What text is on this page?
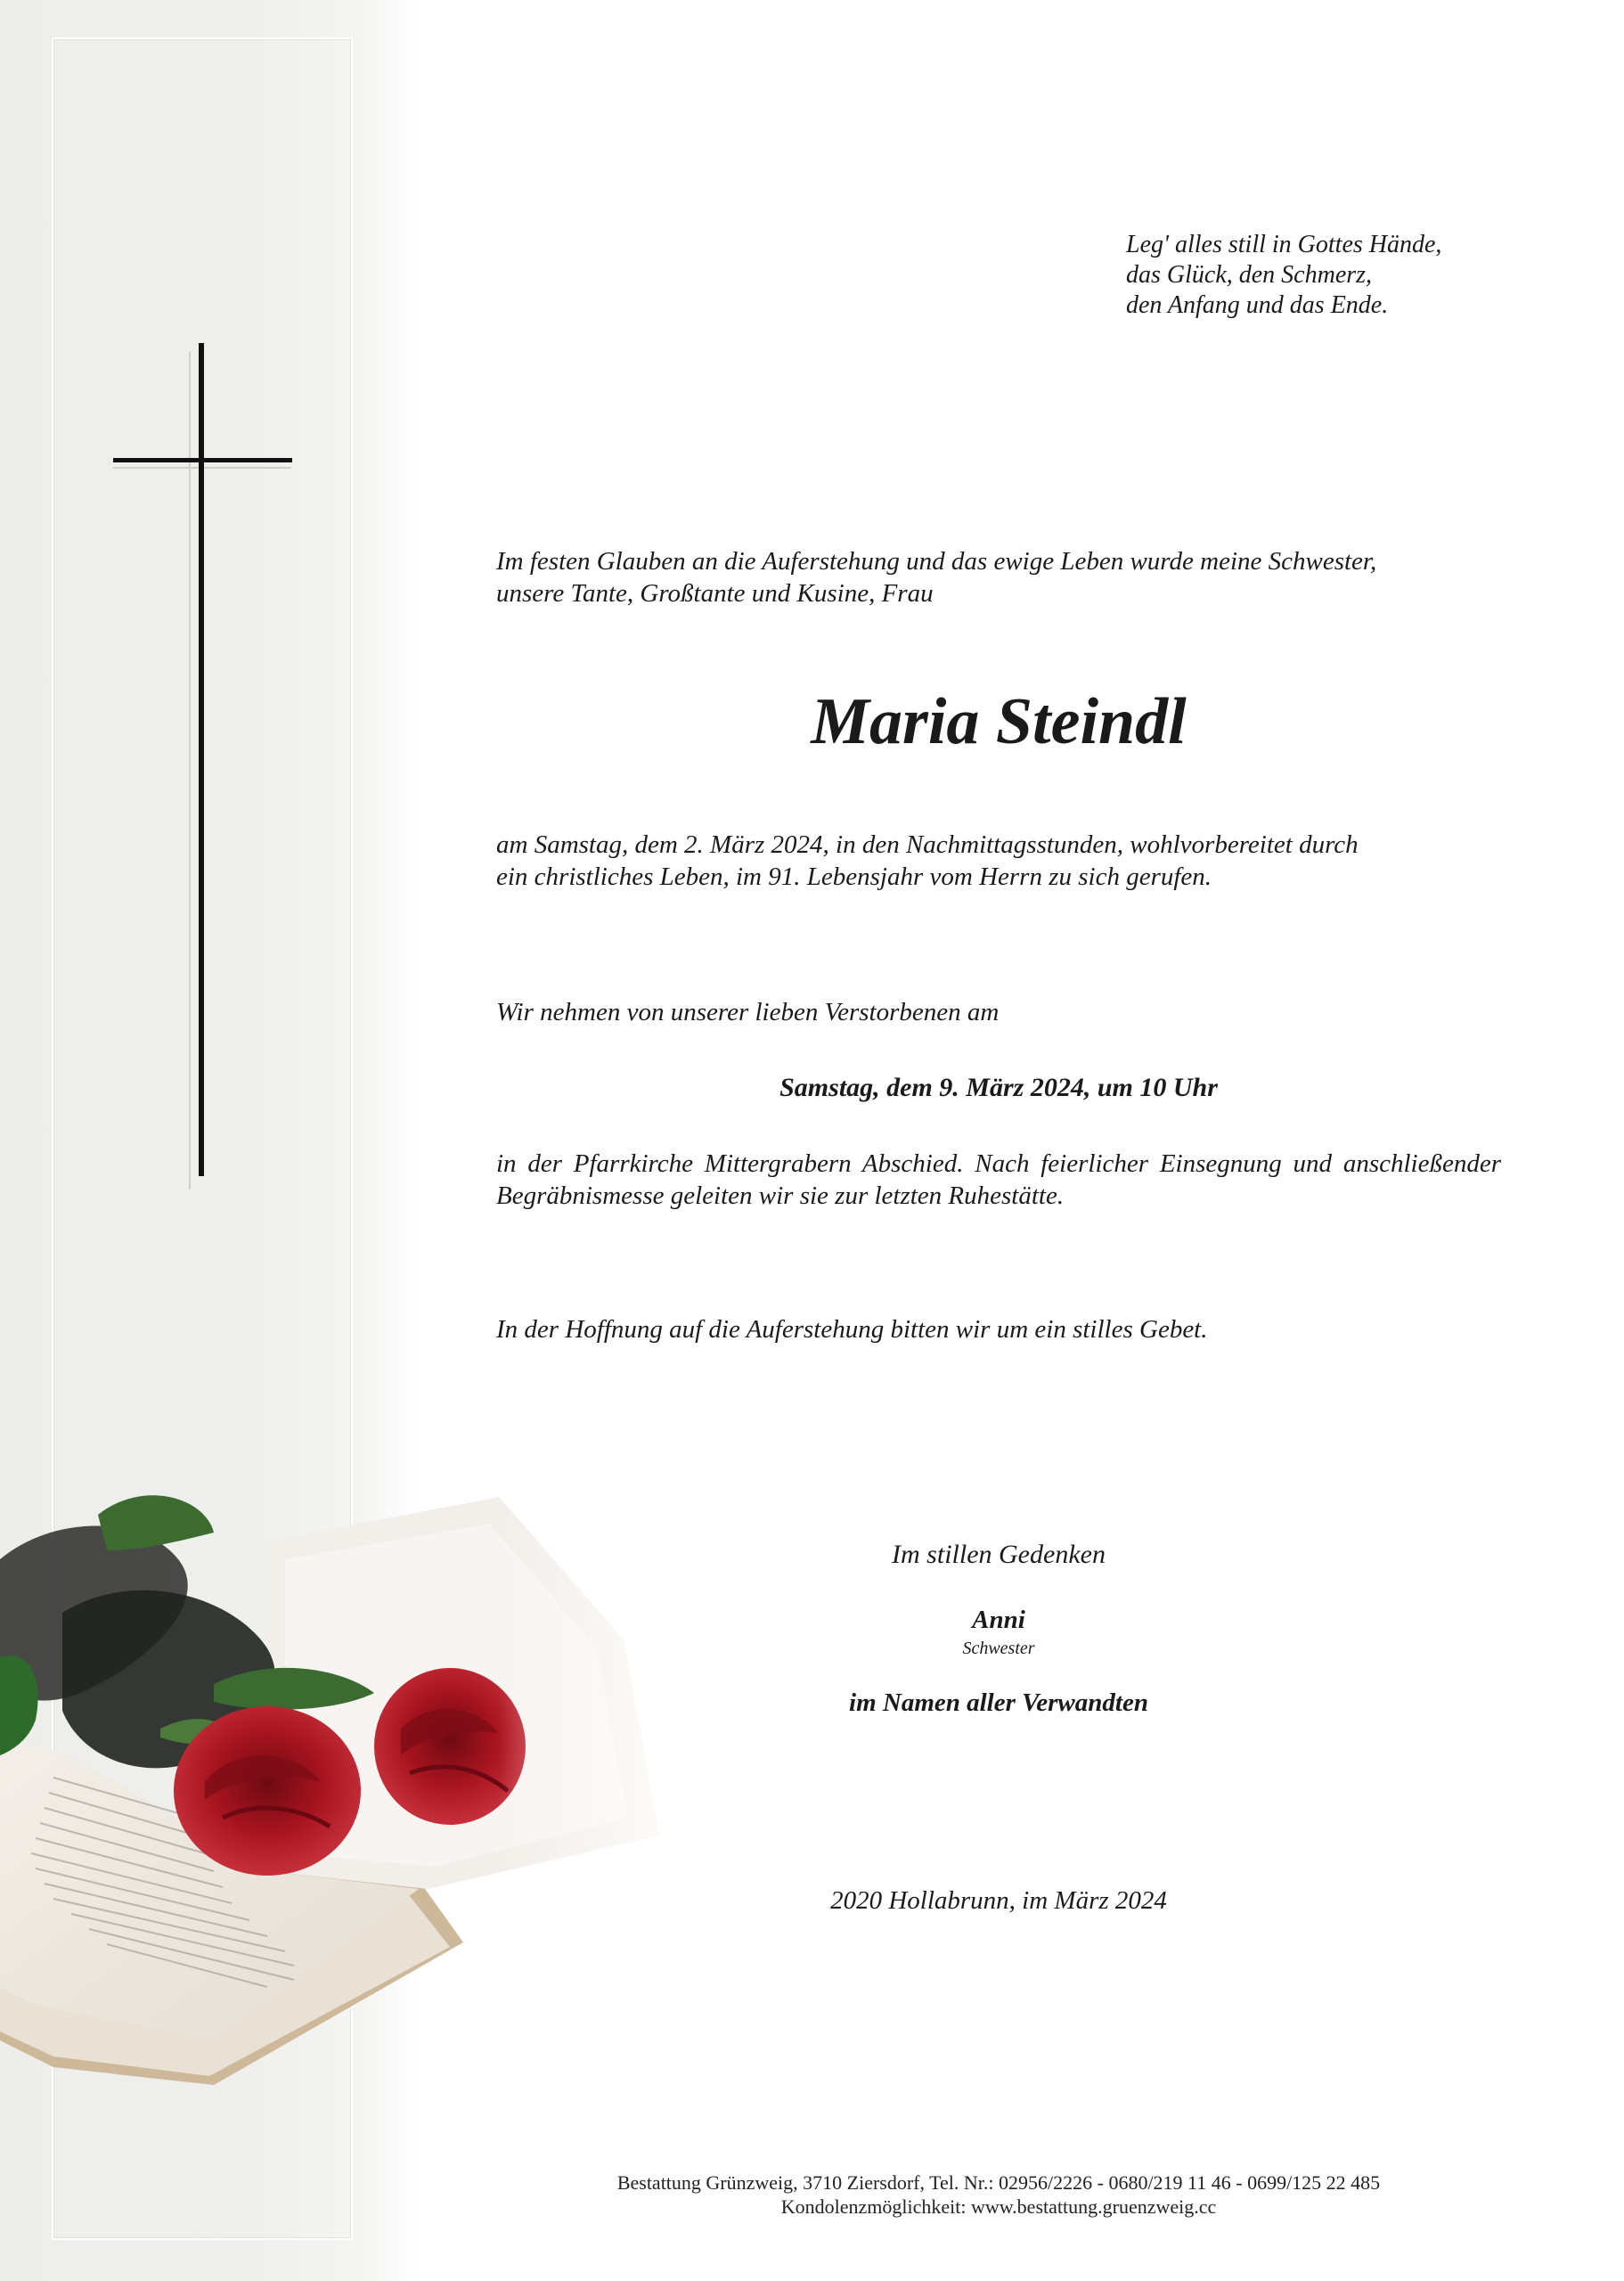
Leg' alles still in Gottes Hände,
das Glück, den Schmerz,
den Anfang und das Ende.

Im festen Glauben an die Auferstehung und das ewige Leben wurde meine Schwester,
unsere Tante, Großtante und Kusine, Frau

Maria Steindl

am Samstag, dem 2. März 2024, in den Nachmittagsstunden, wohlvorbereitet durch
ein christliches Leben, im 91. Lebensjahr vom Herrn zu sich gerufen.

Wir nehmen von unserer lieben Verstorbenen am

Samstag, dem 9. März 2024, um 10 Uhr

in der Pfarrkirche Mittergrabern Abschied. Nach feierlicher Einsegnung und anschließender Begräbnismesse geleiten wir sie zur letzten Ruhestätte.

In der Hoffnung auf die Auferstehung bitten wir um ein stilles Gebet.

Im stillen Gedenken

Anni

Schwester

im Namen aller Verwandten

2020 Hollabrunn, im März 2024

Bestattung Grünzweig, 3710 Ziersdorf, Tel. Nr.: 02956/2226 - 0680/219 11 46 - 0699/125 22 485

Kondolenzmöglichkeit: www.bestattung.gruenzweig.cc
